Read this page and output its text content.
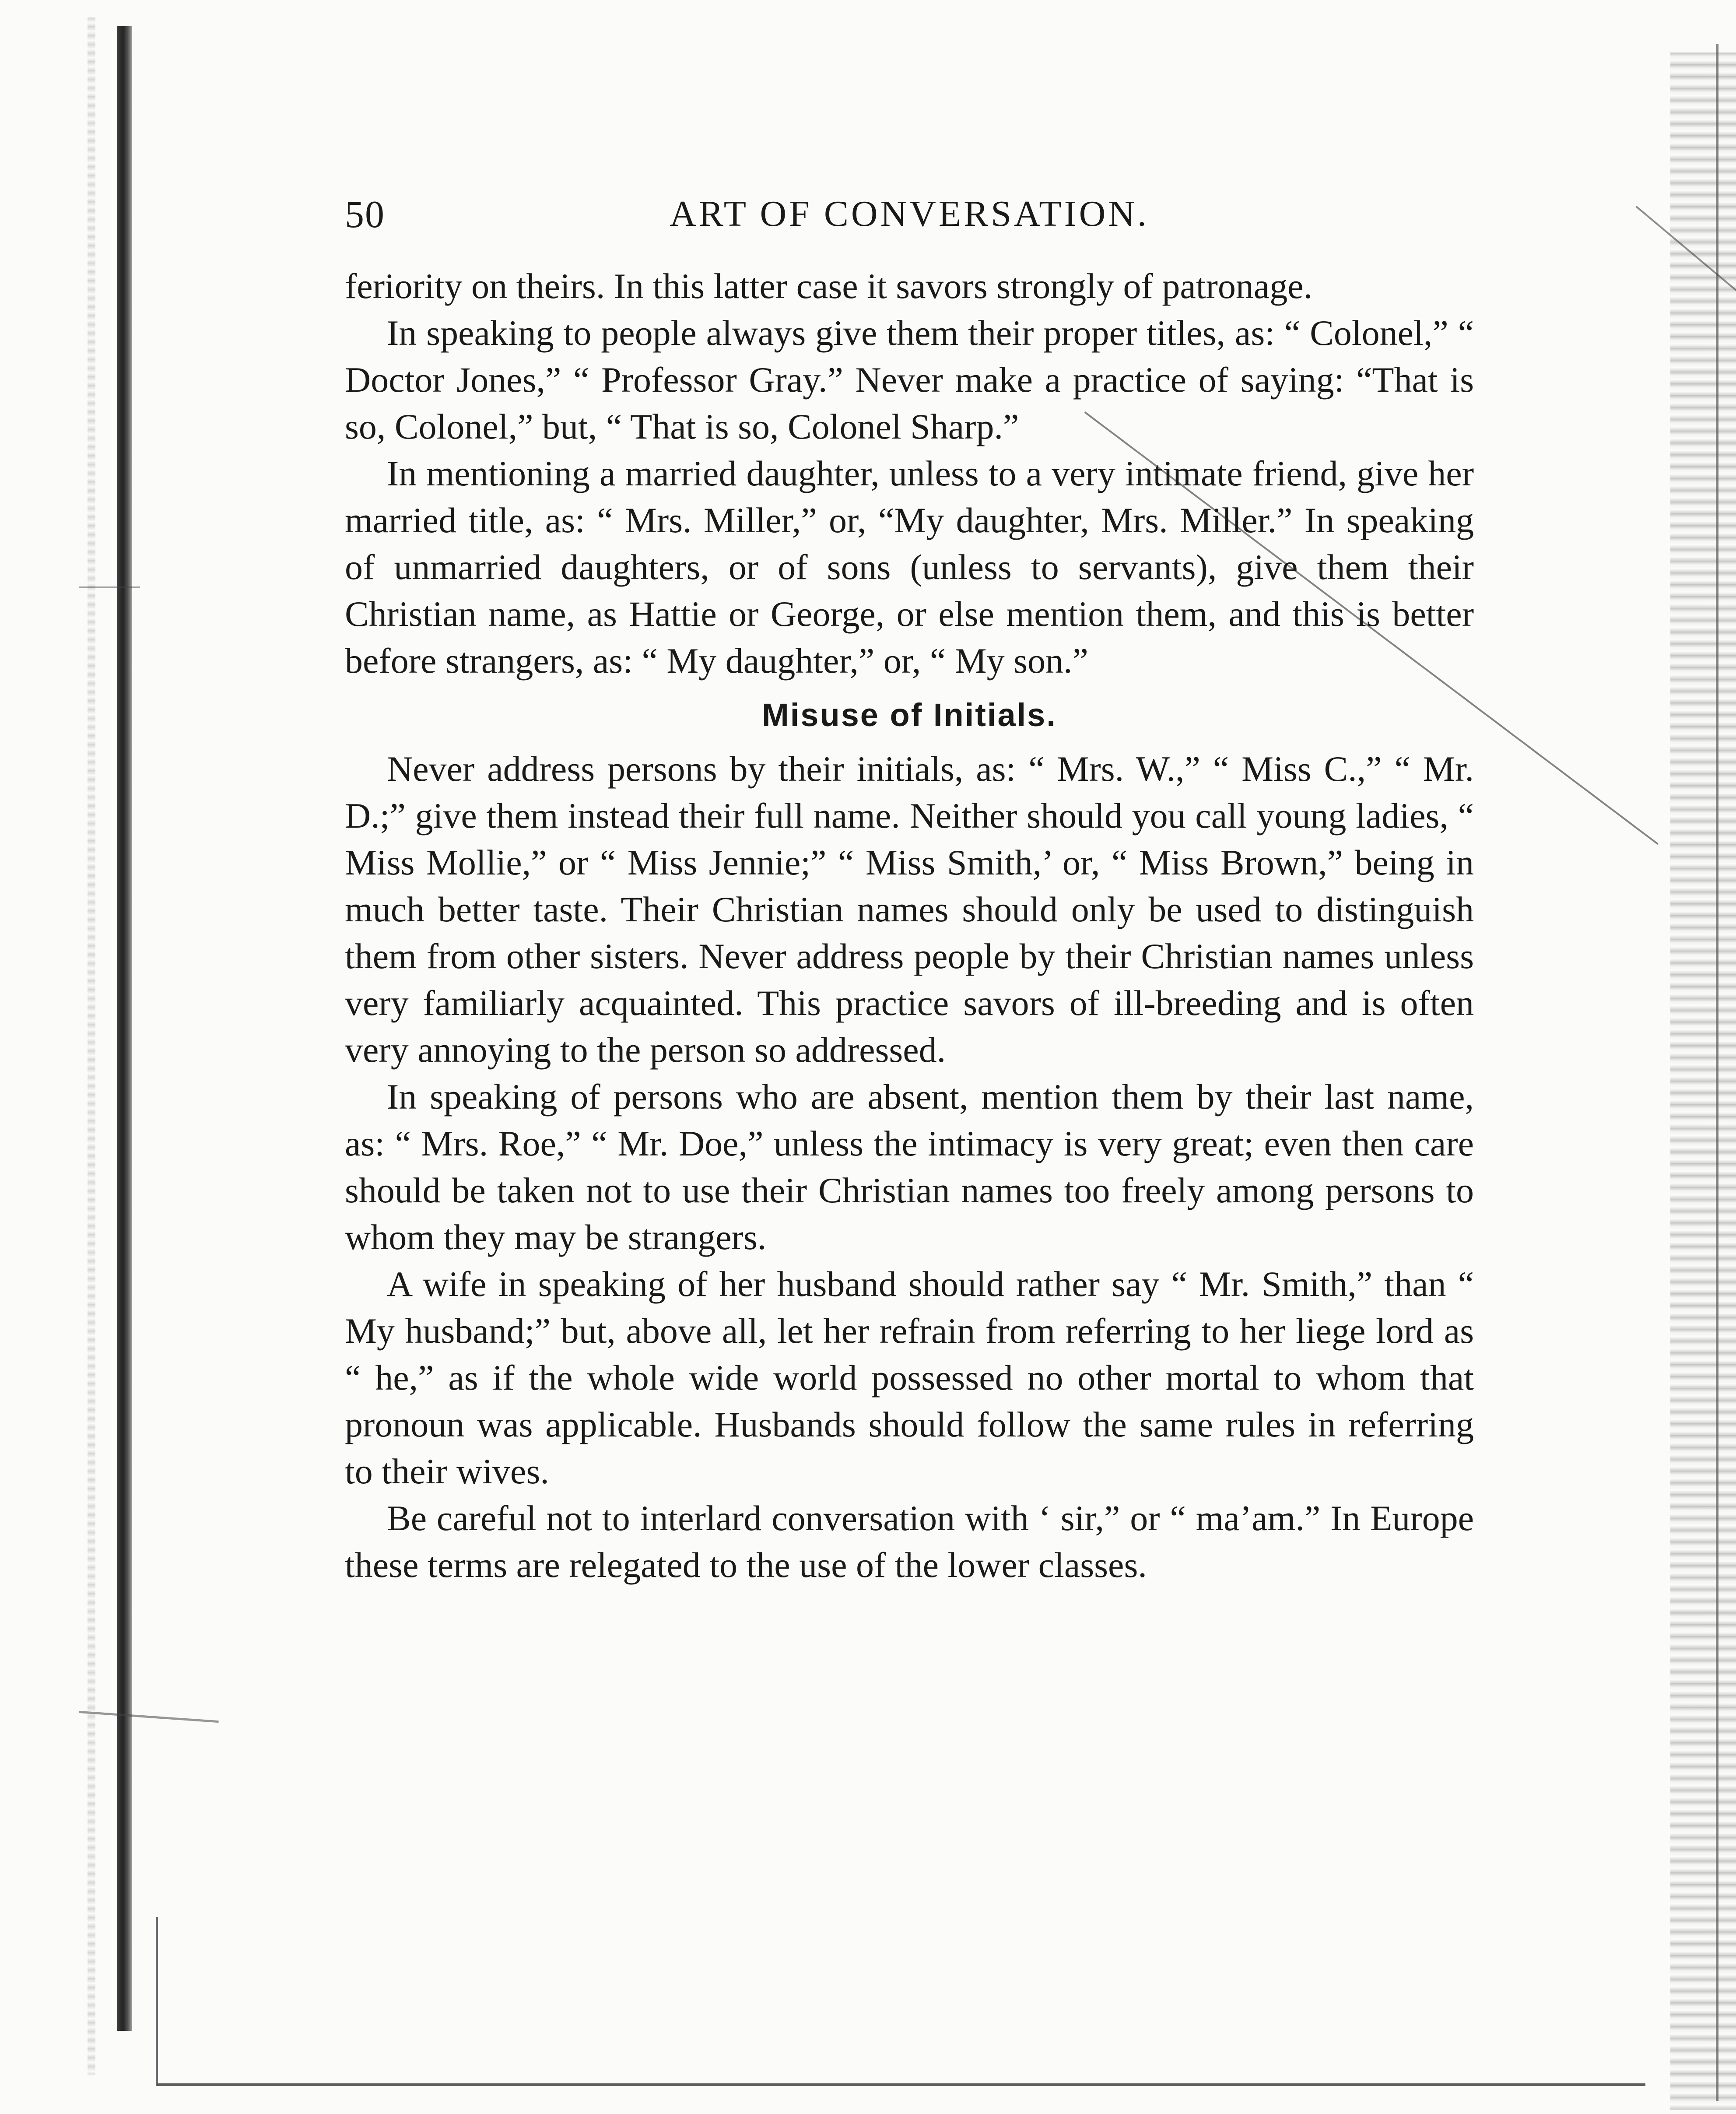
50	ART OF CONVERSATION.

feriority on theirs. In this latter case it savors strongly of patronage.

In speaking to people always give them their proper titles, as: “ Colonel,” “ Doctor Jones,” “ Professor Gray.” Never make a practice of saying: “That is so, Colonel,” but, “ That is so, Colonel Sharp.”

In mentioning a married daughter, unless to a very intimate friend, give her married title, as: “ Mrs. Miller,” or, “My daughter, Mrs. Miller.” In speaking of unmarried daughters, or of sons (unless to servants), give them their Christian name, as Hattie or George, or else mention them, and this is better before strangers, as: “ My daughter,” or, “ My son.”

Misuse of Initials.

Never address persons by their initials, as: “ Mrs. W.,” “ Miss C.,” “ Mr. D.;” give them instead their full name. Neither should you call young ladies, “ Miss Mollie,” or “ Miss Jennie;” “ Miss Smith,’ or, “ Miss Brown,” being in much better taste. Their Christian names should only be used to distinguish them from other sisters. Never address people by their Christian names unless very familiarly acquainted. This practice savors of ill-breeding and is often very annoying to the person so addressed.

In speaking of persons who are absent, mention them by their last name, as: “ Mrs. Roe,” “ Mr. Doe,” unless the intimacy is very great; even then care should be taken not to use their Christian names too freely among persons to whom they may be strangers.

A wife in speaking of her husband should rather say “ Mr. Smith,” than “ My husband;” but, above all, let her refrain from referring to her liege lord as “ he,” as if the whole wide world possessed no other mortal to whom that pronoun was applicable. Husbands should follow the same rules in referring to their wives.

Be careful not to interlard conversation with ‘ sir,” or “ ma’am.” In Europe these terms are relegated to the use of the lower classes.
